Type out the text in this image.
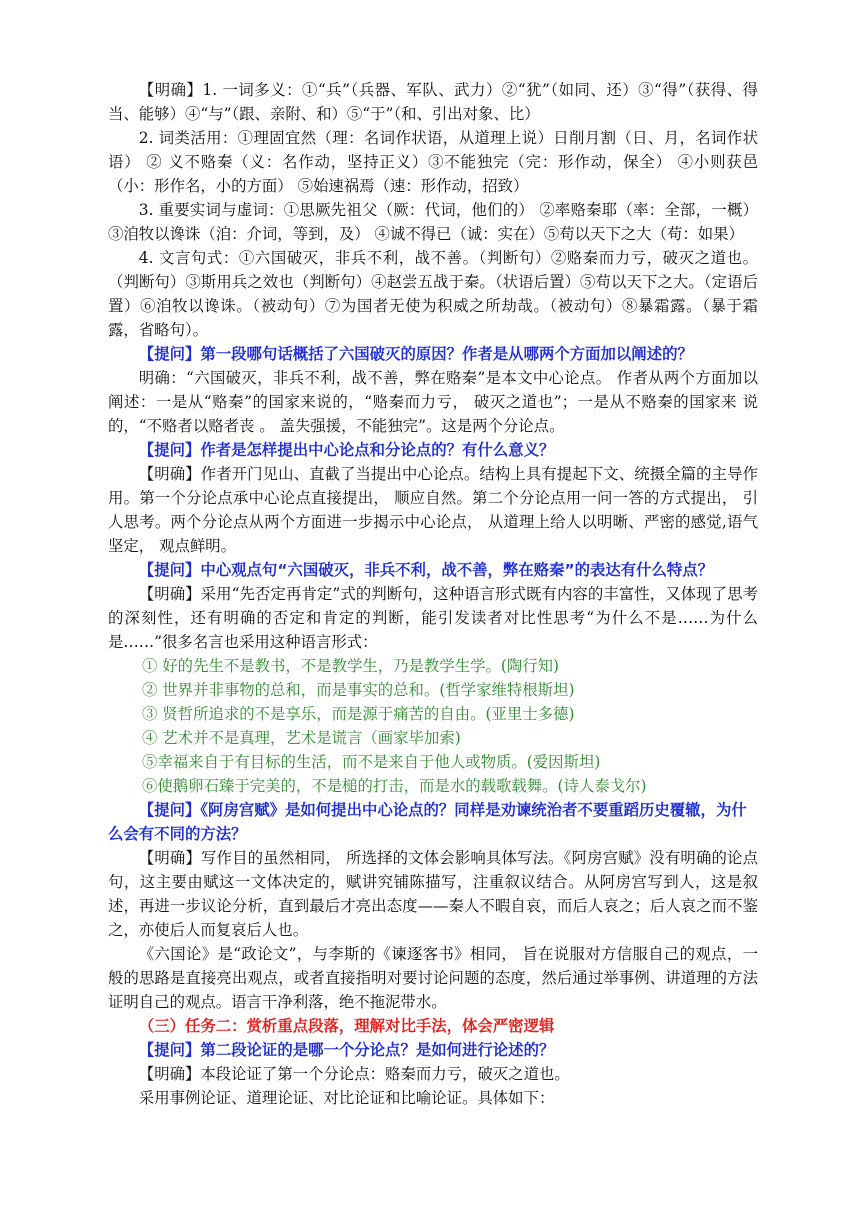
【明确】1. 一词多义：①“兵”（兵器、军队、武力）②“犹”（如同、还）③“得”（获得、得当、能够）④“与”（跟、亲附、和）⑤“于”（和、引出对象、比）

2. 词类活用：①理固宜然（理：名词作状语，从道理上说）日削月割（日、月，名词作状语） ② 义不赂秦（义：名作动，坚持正义）③不能独完（完：形作动，保全） ④小则获邑（小：形作名，小的方面） ⑤始速祸焉（速：形作动，招致）

3. 重要实词与虚词：①思厥先祖父（厥：代词，他们的） ②率赂秦耶（率：全部，一概）③洎牧以谗诛（洎：介词，等到，及） ④诚不得已（诚：实在）⑤苟以天下之大（苟：如果）

4. 文言句式：①六国破灭，非兵不利，战不善。（判断句）②赂秦而力亏，破灭之道也。（判断句）③斯用兵之效也（判断句）④赵尝五战于秦。（状语后置）⑤苟以天下之大。（定语后置）⑥洎牧以谗诛。（被动句）⑦为国者无使为积威之所劫哉。（被动句）⑧暴霜露。（暴于霜露，省略句）。

【提问】第一段哪句话概括了六国破灭的原因？作者是从哪两个方面加以阐述的？

明确：“六国破灭，非兵不利，战不善，弊在赂秦”是本文中心论点。 作者从两个方面加以阐述：一是从“赂秦”的国家来说的，“赂秦而力亏， 破灭之道也”；一是从不赂秦的国家来 说的，“不赂者以赂者丧 。 盖失强援，不能独完”。这是两个分论点。

【提问】作者是怎样提出中心论点和分论点的？有什么意义？

【明确】作者开门见山、直截了当提出中心论点。结构上具有提起下文、统摄全篇的主导作用。第一个分论点承中心论点直接提出， 顺应自然。第二个分论点用一问一答的方式提出， 引人思考。两个分论点从两个方面进一步揭示中心论点， 从道理上给人以明晰、严密的感觉,语气坚定， 观点鲜明。

【提问】中心观点句“六国破灭，非兵不利，战不善，弊在赂秦”的表达有什么特点？

【明确】采用“先否定再肯定”式的判断句，这种语言形式既有内容的丰富性，又体现了思考的深刻性，还有明确的否定和肯定的判断，能引发读者对比性思考“为什么不是……为什么是……”很多名言也采用这种语言形式：

① 好的先生不是教书，不是教学生，乃是教学生学。(陶行知)

② 世界并非事物的总和，而是事实的总和。(哲学家维特根斯坦)

③ 贤哲所追求的不是享乐，而是源于痛苦的自由。(亚里士多德)

④ 艺术并不是真理，艺术是谎言（画家毕加索)

⑤幸福来自于有目标的生活，而不是来自于他人或物质。(爱因斯坦)

⑥使鹅卵石臻于完美的，不是槌的打击，而是水的载歌载舞。(诗人泰戈尔)

【提问】《阿房宫赋》是如何提出中心论点的？同样是劝谏统治者不要重蹈历史覆辙，为什么会有不同的方法？

【明确】写作目的虽然相同， 所选择的文体会影响具体写法。《阿房宫赋》没有明确的论点句，这主要由赋这一文体决定的，赋讲究铺陈描写，注重叙议结合。从阿房宫写到人，这是叙述，再进一步议论分析，直到最后才亮出态度——秦人不暇自哀，而后人哀之；后人哀之而不鉴之，亦使后人而复哀后人也。

《六国论》是“政论文”，与李斯的《谏逐客书》相同， 旨在说服对方信服自己的观点，一般的思路是直接亮出观点，或者直接指明对要讨论问题的态度，然后通过举事例、讲道理的方法证明自己的观点。语言干净利落，绝不拖泥带水。

（三）任务二：赏析重点段落，理解对比手法，体会严密逻辑

【提问】第二段论证的是哪一个分论点？是如何进行论述的？

【明确】本段论证了第一个分论点：赂秦而力亏，破灭之道也。

采用事例论证、道理论证、对比论证和比喻论证。具体如下：
